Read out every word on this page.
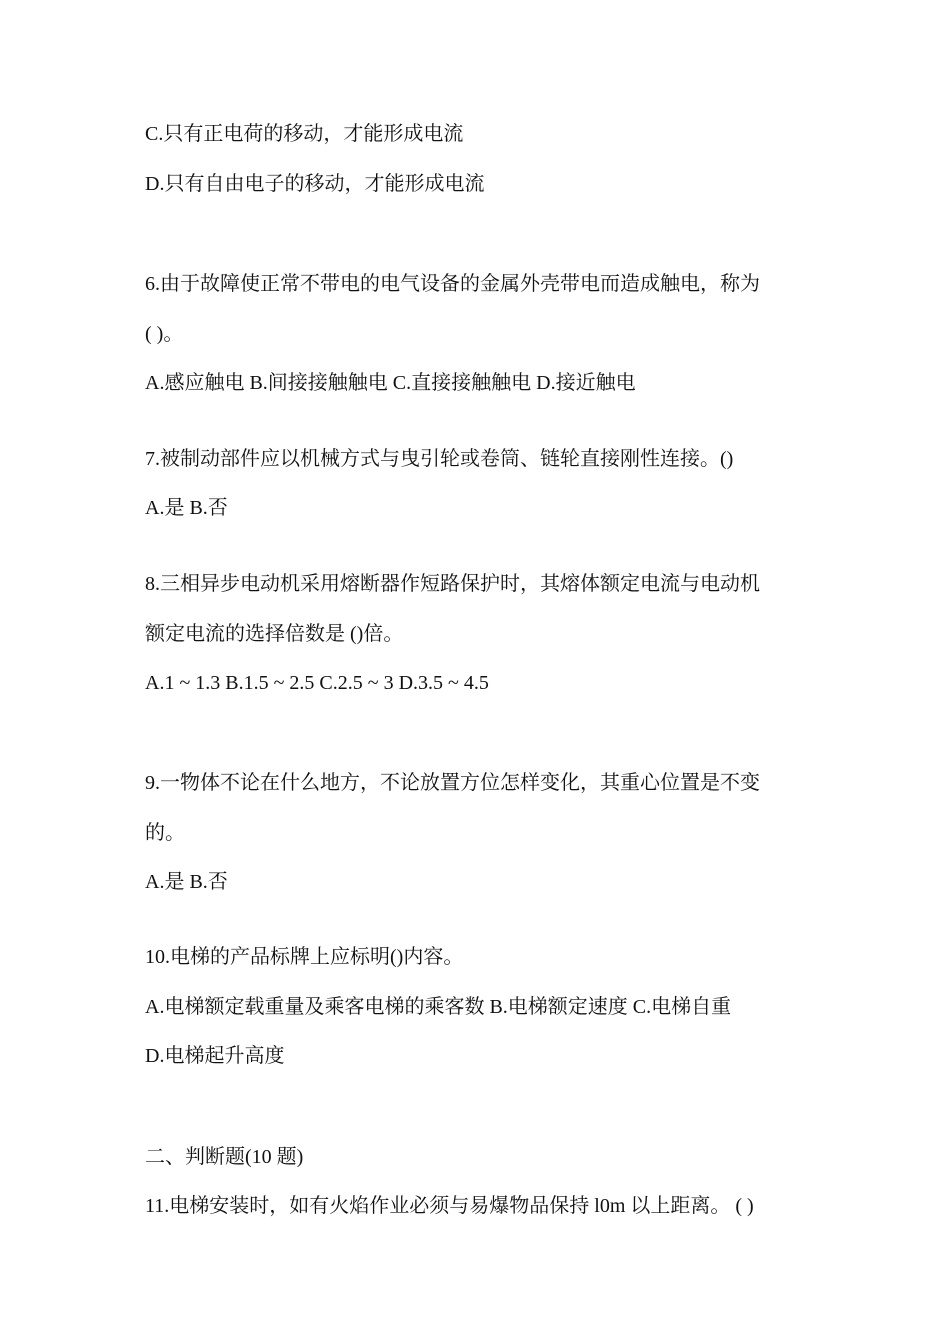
C.只有正电荷的移动，才能形成电流

D.只有自由电子的移动，才能形成电流

6.由于故障使正常不带电的电气设备的金属外壳带电而造成触电，称为

( )。

A.感应触电 B.间接接触触电 C.直接接触触电 D.接近触电

7.被制动部件应以机械方式与曳引轮或卷筒、链轮直接刚性连接。()

A.是 B.否

8.三相异步电动机采用熔断器作短路保护时，其熔体额定电流与电动机

额定电流的选择倍数是 ()倍。

A.1 ~ 1.3 B.1.5 ~ 2.5 C.2.5 ~ 3 D.3.5 ~ 4.5

9.一物体不论在什么地方，不论放置方位怎样变化，其重心位置是不变

的。

A.是 B.否

10.电梯的产品标牌上应标明()内容。

A.电梯额定载重量及乘客电梯的乘客数 B.电梯额定速度 C.电梯自重

D.电梯起升高度

二、判断题(10 题)

11.电梯安装时，如有火焰作业必须与易爆物品保持 l0m 以上距离。 ( )
